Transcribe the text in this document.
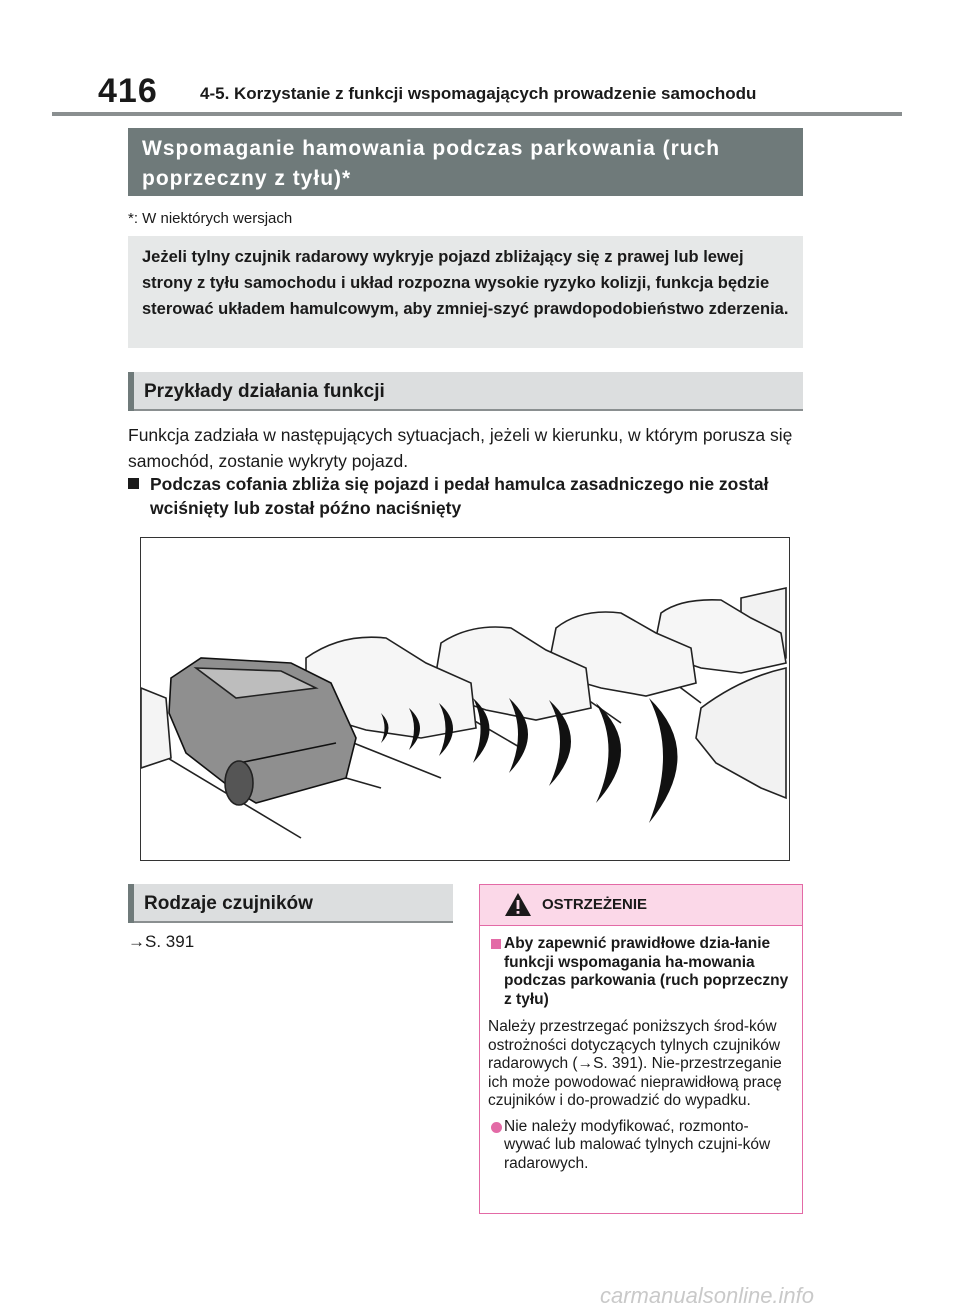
416 4-5. Korzystanie z funkcji wspomagających prowadzenie samochodu
Wspomaganie hamowania podczas parkowania (ruch poprzeczny z tyłu)*
*: W niektórych wersjach
Jeżeli tylny czujnik radarowy wykryje pojazd zbliżający się z prawej lub lewej strony z tyłu samochodu i układ rozpozna wysokie ryzyko kolizji, funkcja będzie sterować układem hamulcowym, aby zmniej-szyć prawdopodobieństwo zderzenia.
Przykłady działania funkcji
Funkcja zadziała w następujących sytuacjach, jeżeli w kierunku, w którym porusza się samochód, zostanie wykryty pojazd.
Podczas cofania zbliża się pojazd i pedał hamulca zasadniczego nie został wciśnięty lub został późno naciśnięty
Rodzaje czujników
→S. 391
OSTRZEŻENIE
Aby zapewnić prawidłowe dzia-łanie funkcji wspomagania ha-mowania podczas parkowania (ruch poprzeczny z tyłu)
Należy przestrzegać poniższych środ-ków ostrożności dotyczących tylnych czujników radarowych (→S. 391). Nie-przestrzeganie ich może powodować nieprawidłową pracę czujników i do-prowadzić do wypadku.
Nie należy modyfikować, rozmonto-wywać lub malować tylnych czujni-ków radarowych.
carmanualsonline.info
